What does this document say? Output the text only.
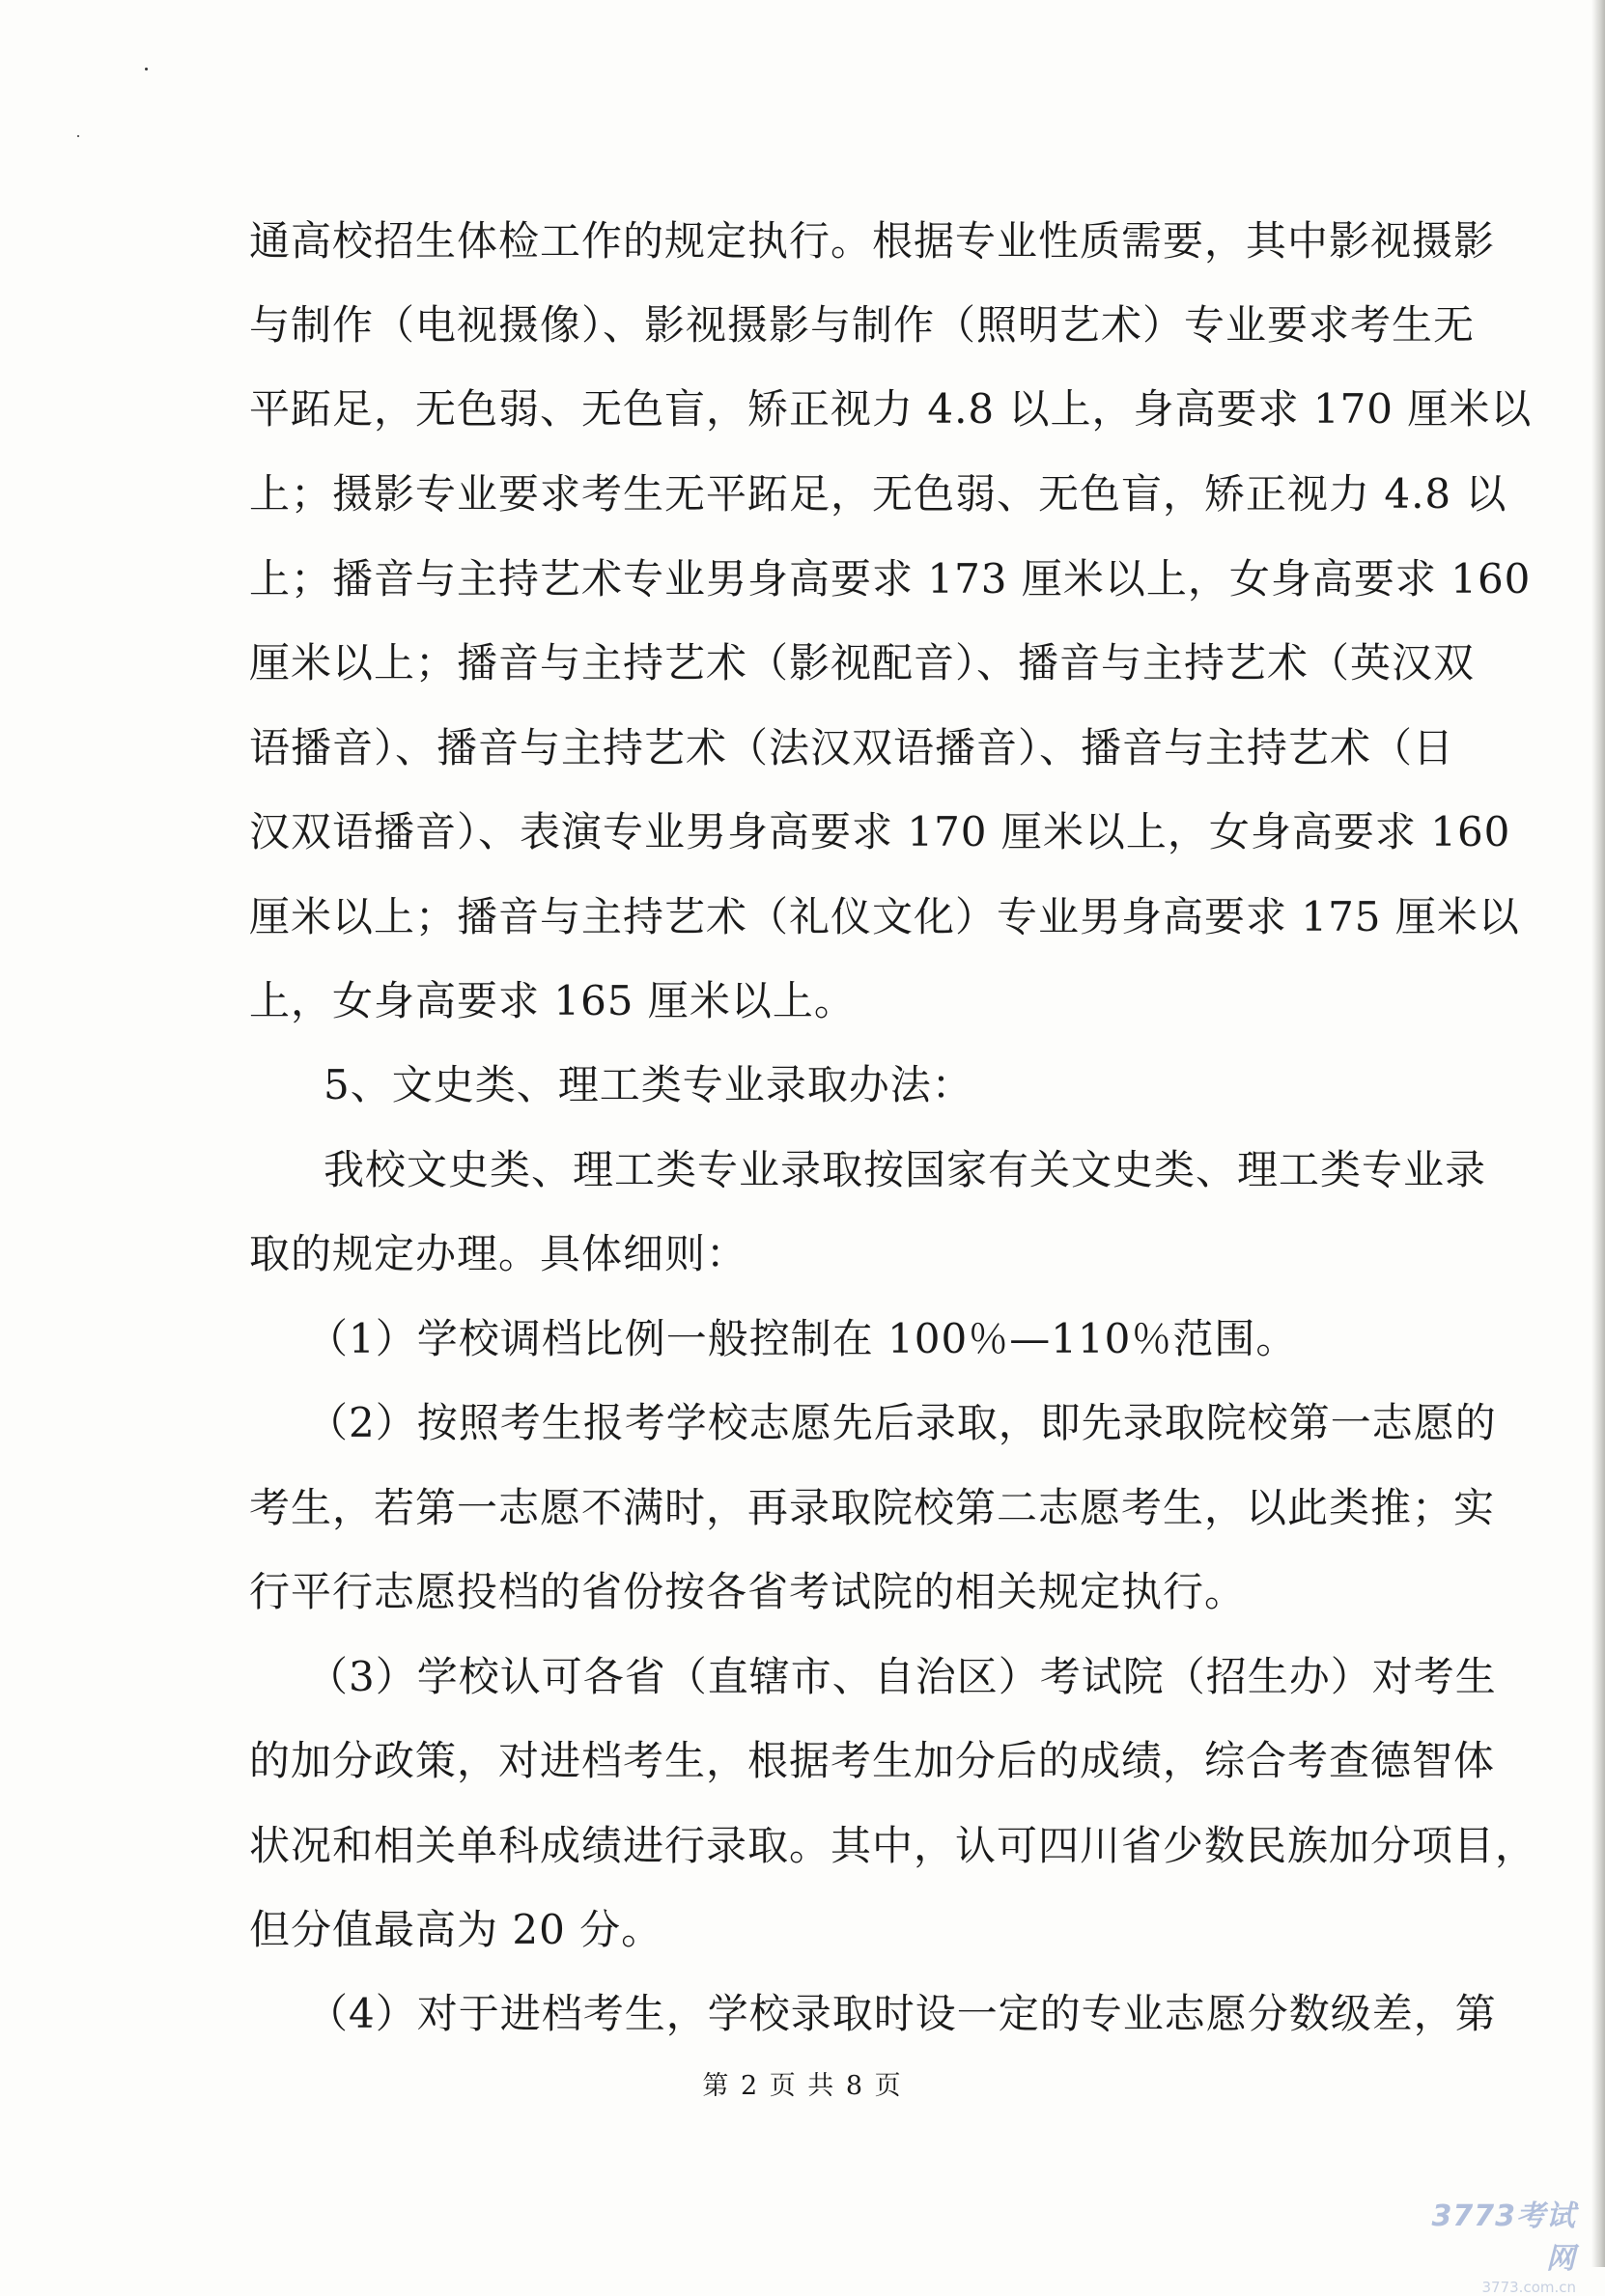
通高校招生体检工作的规定执行。根据专业性质需要，其中影视摄影
与制作（电视摄像）、影视摄影与制作（照明艺术）专业要求考生无
平跖足，无色弱、无色盲，矫正视力 4.8 以上，身高要求 170 厘米以
上；摄影专业要求考生无平跖足，无色弱、无色盲，矫正视力 4.8 以
上；播音与主持艺术专业男身高要求 173 厘米以上，女身高要求 160
厘米以上；播音与主持艺术（影视配音）、播音与主持艺术（英汉双
语播音）、播音与主持艺术（法汉双语播音）、播音与主持艺术（日
汉双语播音）、表演专业男身高要求 170 厘米以上，女身高要求 160
厘米以上；播音与主持艺术（礼仪文化）专业男身高要求 175 厘米以
上，女身高要求 165 厘米以上。
5、文史类、理工类专业录取办法：
我校文史类、理工类专业录取按国家有关文史类、理工类专业录
取的规定办理。具体细则：
（1）学校调档比例一般控制在 100％—110％范围。
（2）按照考生报考学校志愿先后录取，即先录取院校第一志愿的
考生，若第一志愿不满时，再录取院校第二志愿考生，以此类推；实
行平行志愿投档的省份按各省考试院的相关规定执行。
（3）学校认可各省（直辖市、自治区）考试院（招生办）对考生
的加分政策，对进档考生，根据考生加分后的成绩，综合考查德智体
状况和相关单科成绩进行录取。其中，认可四川省少数民族加分项目，
但分值最高为 20 分。
（4）对于进档考生，学校录取时设一定的专业志愿分数级差，第
第 2 页 共 8 页
3773考试网
3773.com.cn
